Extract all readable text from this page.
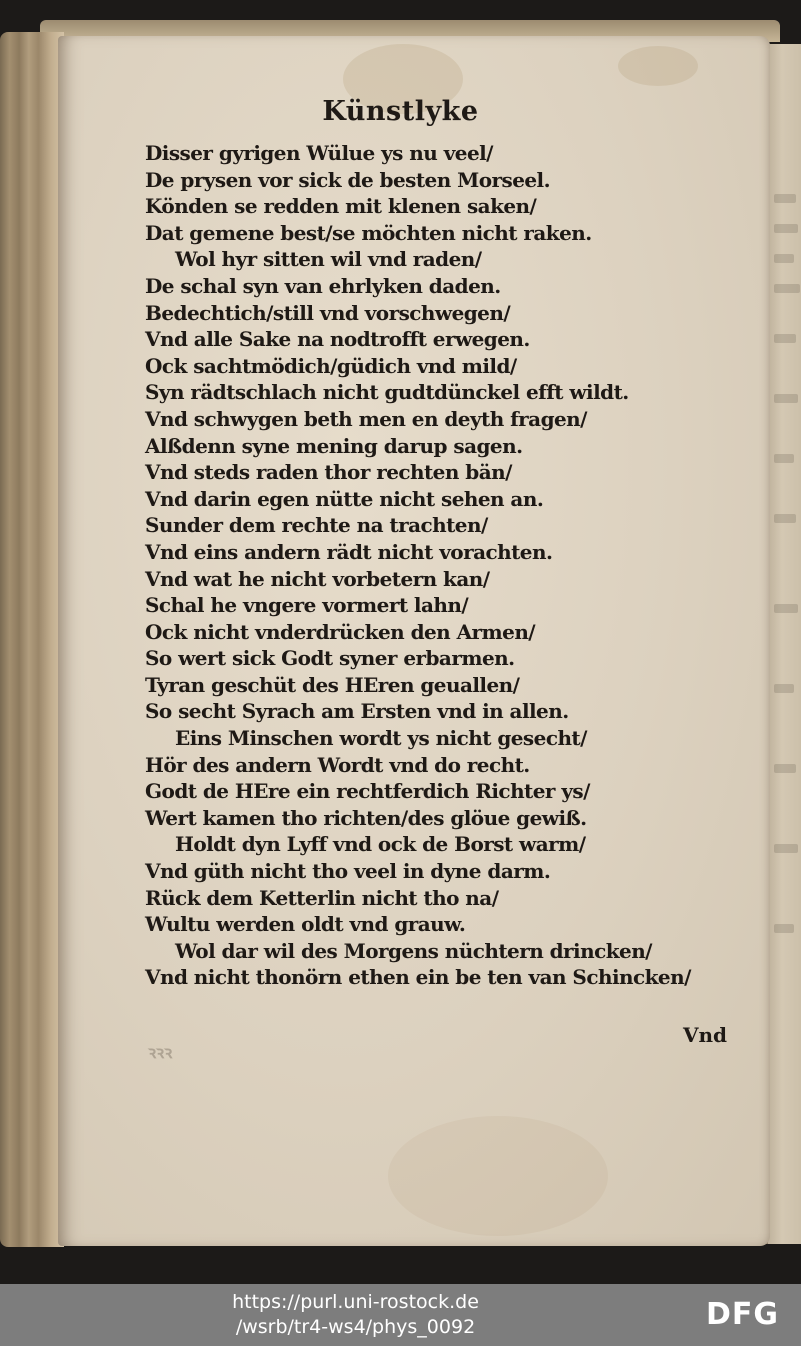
Künstlyke
Disser gyrigen Wülue ys nu veel/
De prysen vor sick de besten Morseel.
Könden se redden mit klenen saken/
Dat gemene best/se möchten nicht raken.
Wol hyr sitten wil vnd raden/
De schal syn van ehrlyken daden.
Bedechtich/still vnd vorschwegen/
Vnd alle Sake na nodtrofft erwegen.
Ock sachtmödich/güdich vnd mild/
Syn rädtschlach nicht gudtdünckel efft wildt.
Vnd schwygen beth men en deyth fragen/
Alßdenn syne mening darup sagen.
Vnd steds raden thor rechten bän/
Vnd darin egen nütte nicht sehen an.
Sunder dem rechte na trachten/
Vnd eins andern rädt nicht vorachten.
Vnd wat he nicht vorbetern kan/
Schal he vngere vormert lahn/
Ock nicht vnderdrücken den Armen/
So wert sick Godt syner erbarmen.
Tyran geschüt des HEren geuallen/
So secht Syrach am Ersten vnd in allen.
Eins Minschen wordt ys nicht gesecht/
Hör des andern Wordt vnd do recht.
Godt de HEre ein rechtferdich Richter ys/
Wert kamen tho richten/des glöue gewiß.
Holdt dyn Lyff vnd ock de Borst warm/
Vnd güth nicht tho veel in dyne darm.
Rück dem Ketterlin nicht tho na/
Wultu werden oldt vnd grauw.
Wol dar wil des Morgens nüchtern drincken/
Vnd nicht thonörn ethen ein be ten van Schincken/
Vnd
ꝛꝛꝛ
https://purl.uni-rostock.de
/wsrb/tr4-ws4/phys_0092	DFG
